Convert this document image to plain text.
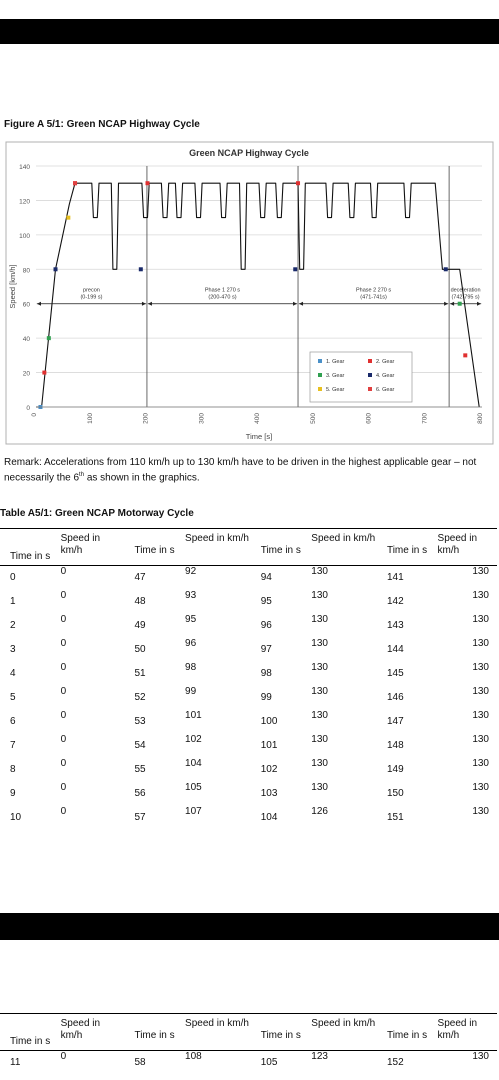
Figure A 5/1: Green NCAP Highway Cycle
Green NCAP Highway Cycle
precon
(0-199 s)
Phase 1 270 s
(200-470 s)
Phase 2 270 s
(471-741s)
deceleration
(742-795 s)
0
20
40
60
80
100
120
140
0	100	200	300	400	500	600	700	800
Time [s]
Speed [km/h]
1. Gear	2. Gear
3. Gear	4. Gear
5. Gear	6. Gear
Remark: Accelerations from 110 km/h up to 130 km/h have to be driven in the highest applicable gear – not necessarily the 6th as shown in the graphics.
Table A5/1: Green NCAP Motorway Cycle
Time in s	Speed in km/h	Time in s	Speed in km/h	Time in s	Speed in km/h	Time in s	Speed in km/h
0	0	47	92	94	130	141	130
1	0	48	93	95	130	142	130
2	0	49	95	96	130	143	130
3	0	50	96	97	130	144	130
4	0	51	98	98	130	145	130
5	0	52	99	99	130	146	130
6	0	53	101	100	130	147	130
7	0	54	102	101	130	148	130
8	0	55	104	102	130	149	130
9	0	56	105	103	130	150	130
10	0	57	107	104	126	151	130
Time in s	Speed in km/h	Time in s	Speed in km/h	Time in s	Speed in km/h	Time in s	Speed in km/h
11	0	58	108	105	123	152	130
